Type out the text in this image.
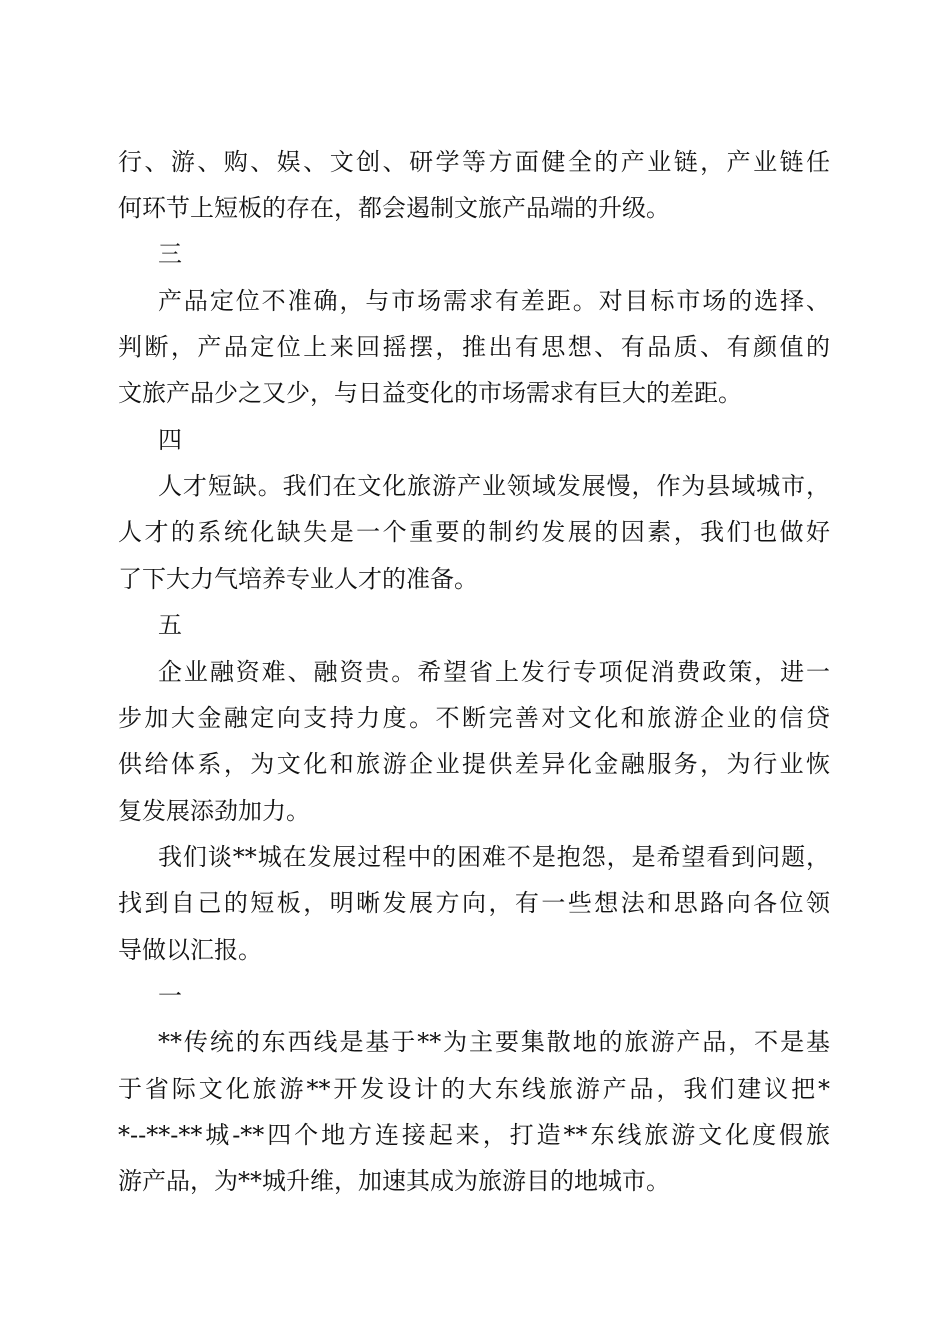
行、游、购、娱、文创、研学等方面健全的产业链，产业链任
何环节上短板的存在，都会遏制文旅产品端的升级。
三
产品定位不准确，与市场需求有差距。对目标市场的选择、
判断，产品定位上来回摇摆，推出有思想、有品质、有颜值的
文旅产品少之又少，与日益变化的市场需求有巨大的差距。
四
人才短缺。我们在文化旅游产业领域发展慢，作为县域城市，
人才的系统化缺失是一个重要的制约发展的因素，我们也做好
了下大力气培养专业人才的准备。
五
企业融资难、融资贵。希望省上发行专项促消费政策，进一
步加大金融定向支持力度。不断完善对文化和旅游企业的信贷
供给体系，为文化和旅游企业提供差异化金融服务，为行业恢
复发展添劲加力。
我们谈**城在发展过程中的困难不是抱怨，是希望看到问题，
找到自己的短板，明晰发展方向，有一些想法和思路向各位领
导做以汇报。
一
**传统的东西线是基于**为主要集散地的旅游产品，不是基
于省际文化旅游**开发设计的大东线旅游产品，我们建议把*
*--**-**城-**四个地方连接起来，打造**东线旅游文化度假旅
游产品，为**城升维，加速其成为旅游目的地城市。
